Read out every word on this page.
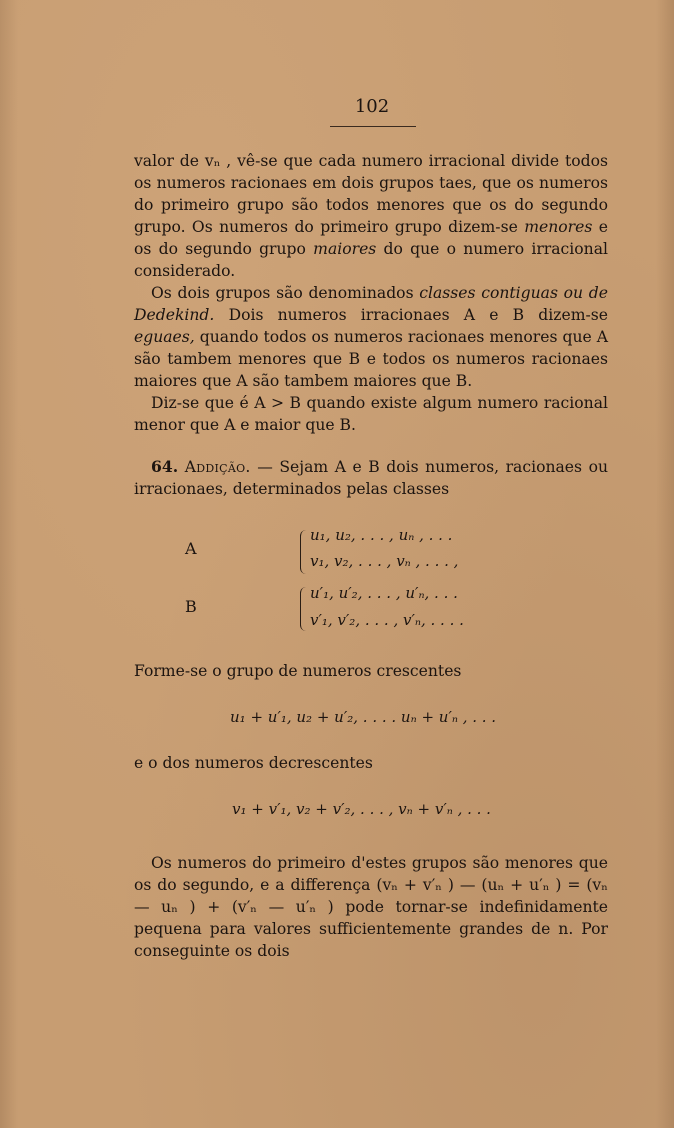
102

valor de vₙ , vê-se que cada numero irracional divide todos os numeros racionaes em dois grupos taes, que os numeros do primeiro grupo são todos menores que os do segundo grupo. Os numeros do primeiro grupo dizem-se menores e os do segundo grupo maiores do que o numero irracional considerado.

Os dois grupos são denominados classes contiguas ou de Dedekind. Dois numeros irracionaes A e B dizem-se eguaes, quando todos os numeros racionaes menores que A são tambem menores que B e todos os numeros racionaes maiores que A são tambem maiores que B.

Diz-se que é A > B quando existe algum numero racional menor que A e maior que B.

64. Addição. — Sejam A e B dois numeros, racionaes ou irracionaes, determinados pelas classes

A
u₁, u₂, . . . , uₙ , . . .
v₁, v₂, . . . , vₙ , . . . ,
B
u′₁, u′₂, . . . , u′ₙ, . . .
v′₁, v′₂, . . . , v′ₙ, . . . .
Forme-se o grupo de numeros crescentes
u₁ + u′₁, u₂ + u′₂, . . . . uₙ + u′ₙ , . . .
e o dos numeros decrescentes
v₁ + v′₁, v₂ + v′₂, . . . , vₙ + v′ₙ , . . .

Os numeros do primeiro d'estes grupos são menores que os do segundo, e a differença (vₙ + v′ₙ ) — (uₙ + u′ₙ ) = (vₙ — uₙ ) + (v′ₙ — u′ₙ ) pode tornar-se indefinidamente pequena para valores sufficientemente grandes de n. Por conseguinte os dois
